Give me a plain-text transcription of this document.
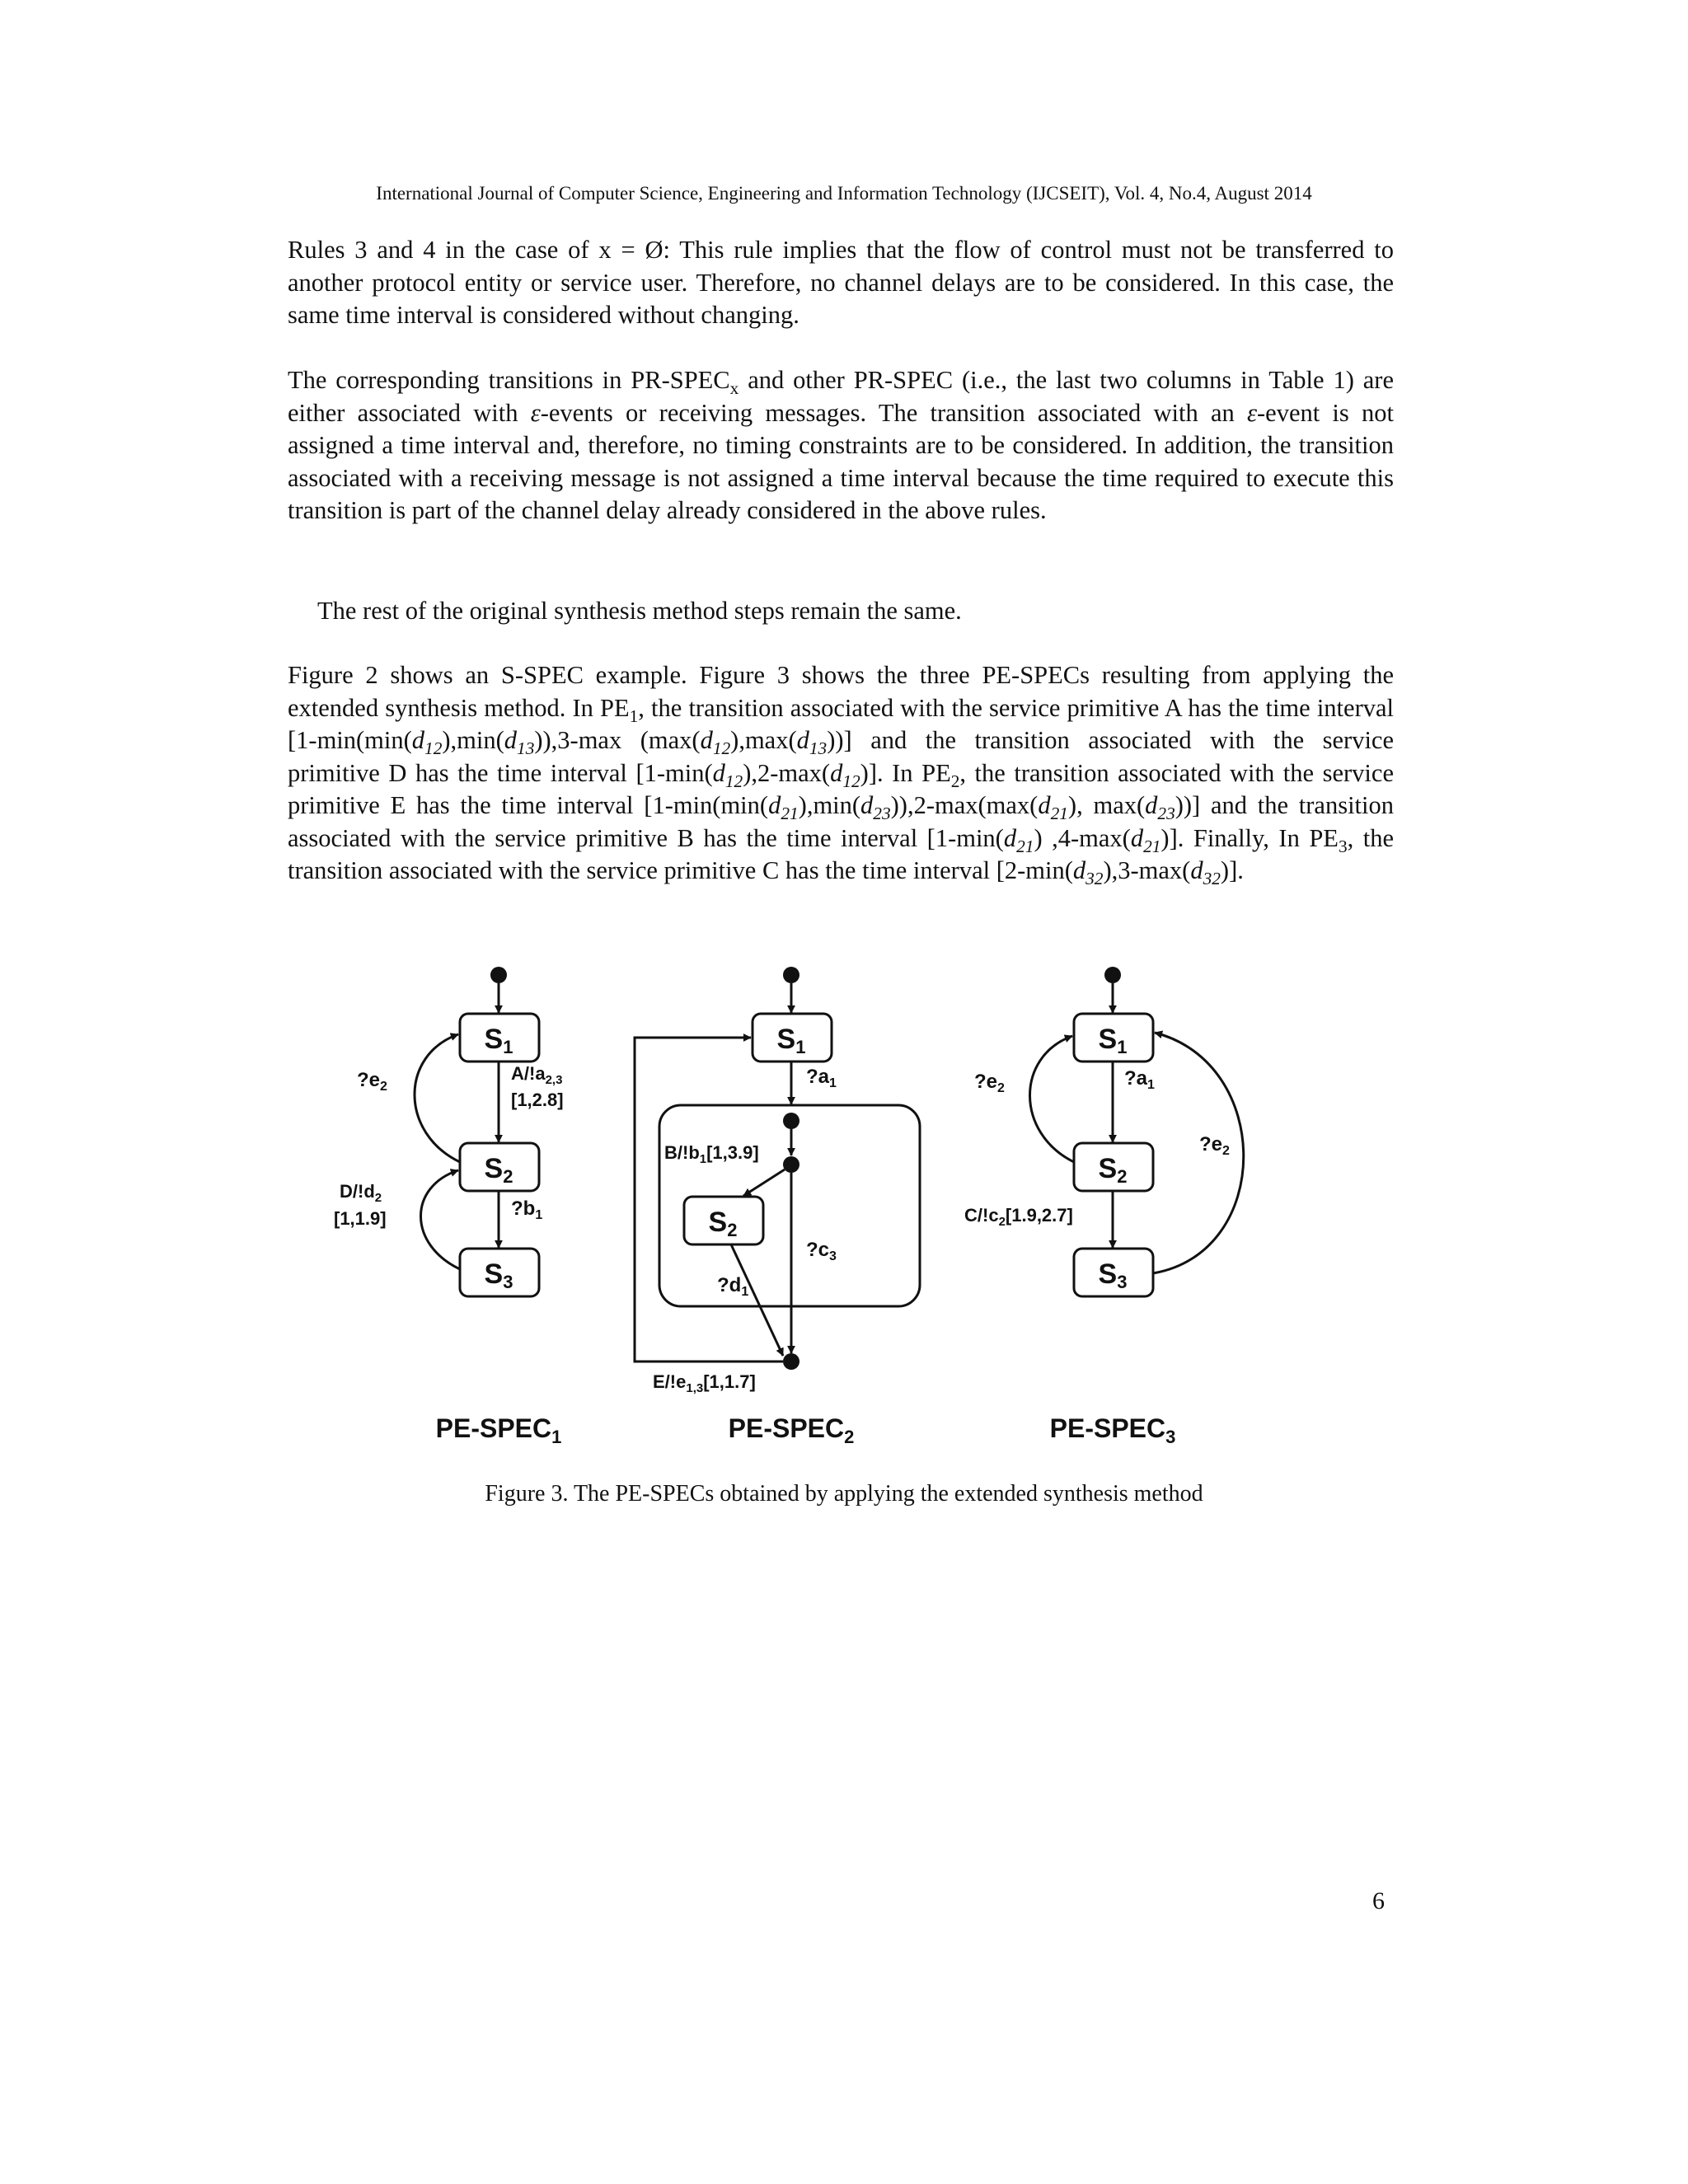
International Journal of Computer Science, Engineering and Information Technology (IJCSEIT), Vol. 4, No.4, August 2014

Rules 3 and 4 in the case of x = Ø: This rule implies that the flow of control must not be transferred to another protocol entity or service user. Therefore, no channel delays are to be considered. In this case, the same time interval is considered without changing.

The corresponding transitions in $PR-SPEC_x$ and other PR-SPEC (i.e., the last two columns in Table 1) are either associated with ε-events or receiving messages. The transition associated with an ε-event is not assigned a time interval and, therefore, no timing constraints are to be considered. In addition, the transition associated with a receiving message is not assigned a time interval because the time required to execute this transition is part of the channel delay already considered in the above rules.

The rest of the original synthesis method steps remain the same.

Figure 2 shows an S-SPEC example. Figure 3 shows the three PE-SPECs resulting from applying the extended synthesis method. In $PE_1$, the transition associated with the service primitive A has the time interval [$1-\min(\min(d_{12}),\min(d_{13})),3-\max$ $(\max(d_{12}),\max(d_{13}))$] and the transition associated with the service primitive D has the time interval $[1-\min(d_{12}),2-\max(d_{12})]$. In $PE_2$, the transition associated with the service primitive E has the time interval [$1-\min(\min(d_{21}),\min(d_{23})),2-\max(\max(d_{21})$, $\max(d_{23})$)] and the transition associated with the service primitive B has the time interval [$1-\min(d_{21})$ $,4-\max(d_{21})$]. Finally, In $PE_3$, the transition associated with the service primitive C has the time interval $[2-\min(d_{32}),3-\max(d_{32})]$.

S1
S2
S3
$A/!a_{2,3}$
[1,2.8]
$?e_2$
$?b_1$
$D/!d_2$
[1,1.9]
$PE-SPEC_1$
S1
$?a_1$
$B/!b_1[1,3.9]$
S2
$?c_3$
$?d_1$
$E/!e_{1,3}[1,1.7]$
$PE-SPEC_2$
S1
$?a_1$
S2
S3
$?e_2$
$?e_2$
$C/!c_2[1.9,2.7]$
$PE-SPEC_3$
Figure 3. The PE-SPECs obtained by applying the extended synthesis method
6
